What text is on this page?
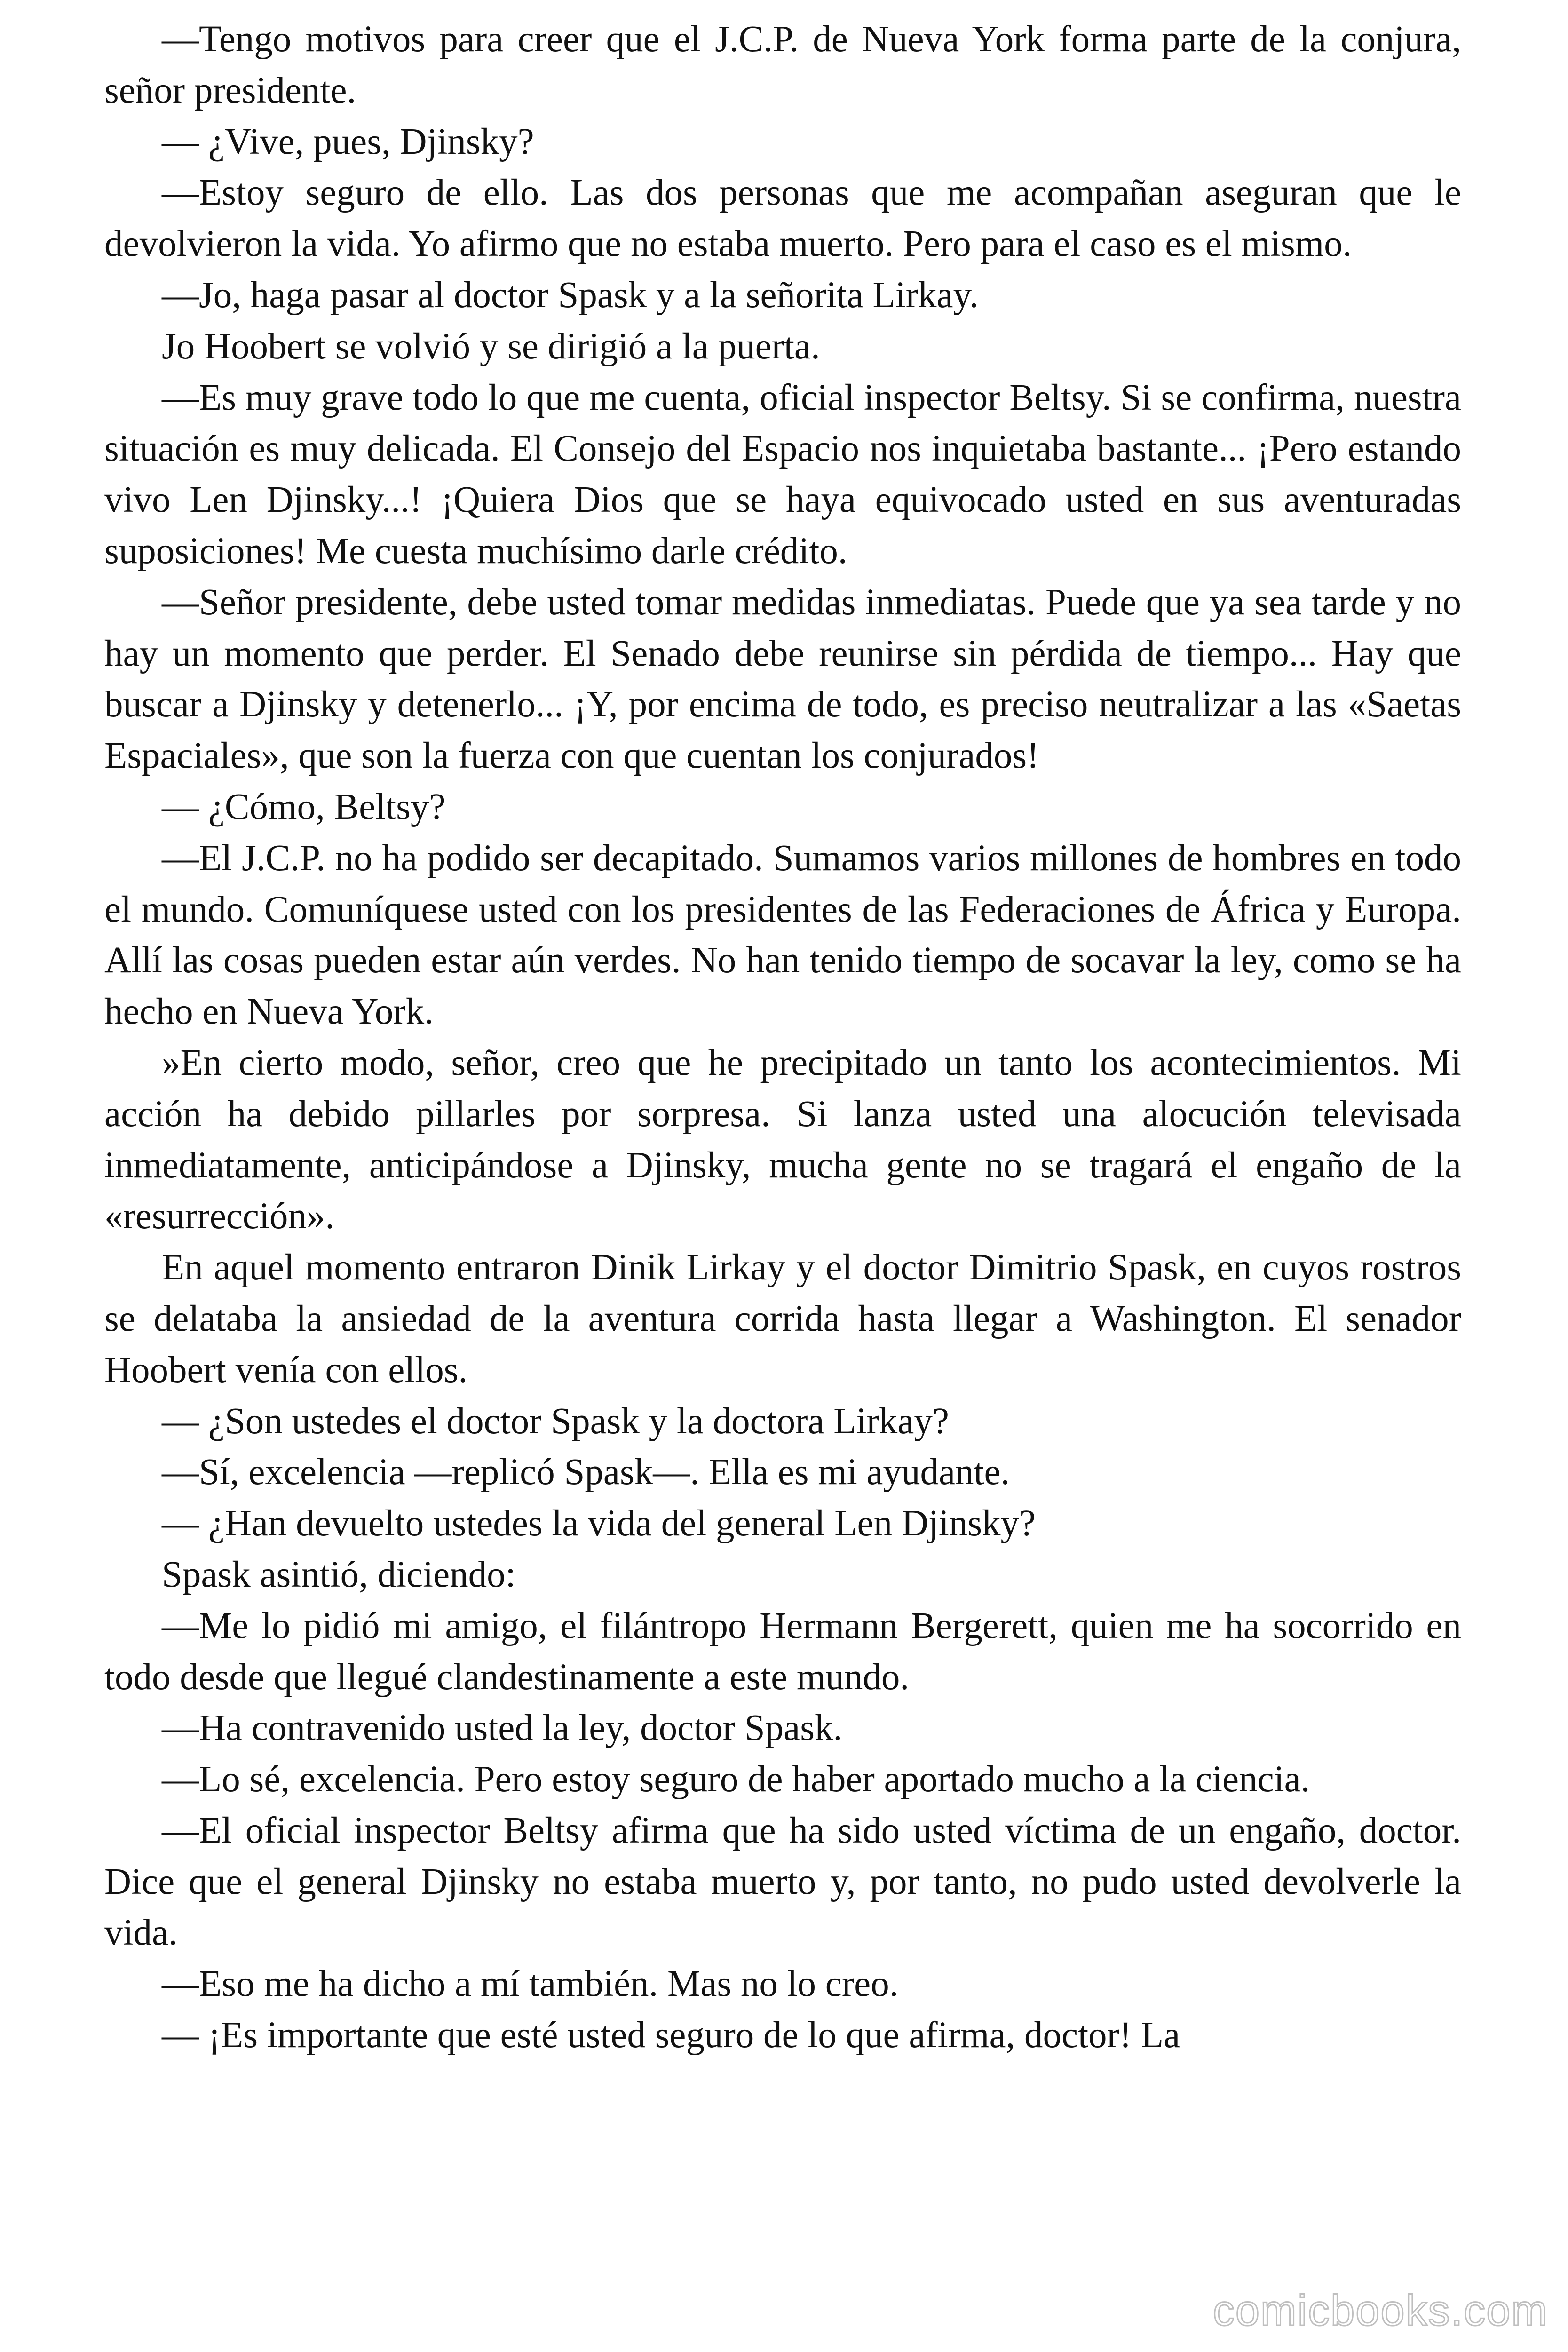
—Tengo motivos para creer que el J.C.P. de Nueva York forma parte de la conjura, señor presidente.

— ¿Vive, pues, Djinsky?

—Estoy seguro de ello. Las dos personas que me acompañan aseguran que le devolvieron la vida. Yo afirmo que no estaba muerto. Pero para el caso es el mismo.

—Jo, haga pasar al doctor Spask y a la señorita Lirkay.

Jo Hoobert se volvió y se dirigió a la puerta.

—Es muy grave todo lo que me cuenta, oficial inspector Beltsy. Si se confirma, nuestra situación es muy delicada. El Consejo del Espacio nos inquietaba bastante... ¡Pero estando vivo Len Djinsky...! ¡Quiera Dios que se haya equivocado usted en sus aventuradas suposiciones! Me cuesta muchísimo darle crédito.

—Señor presidente, debe usted tomar medidas inmediatas. Puede que ya sea tarde y no hay un momento que perder. El Senado debe reunirse sin pérdida de tiempo... Hay que buscar a Djinsky y detenerlo... ¡Y, por encima de todo, es preciso neutralizar a las «Saetas Espaciales», que son la fuerza con que cuentan los conjurados!

— ¿Cómo, Beltsy?

—El J.C.P. no ha podido ser decapitado. Sumamos varios millones de hombres en todo el mundo. Comuníquese usted con los presidentes de las Federaciones de África y Europa. Allí las cosas pueden estar aún verdes. No han tenido tiempo de socavar la ley, como se ha hecho en Nueva York.

»En cierto modo, señor, creo que he precipitado un tanto los acontecimientos. Mi acción ha debido pillarles por sorpresa. Si lanza usted una alocución televisada inmediatamente, anticipándose a Djinsky, mucha gente no se tragará el engaño de la «resurrección».

En aquel momento entraron Dinik Lirkay y el doctor Dimitrio Spask, en cuyos rostros se delataba la ansiedad de la aventura corrida hasta llegar a Washington. El senador Hoobert venía con ellos.

— ¿Son ustedes el doctor Spask y la doctora Lirkay?

—Sí, excelencia —replicó Spask—. Ella es mi ayudante.

— ¿Han devuelto ustedes la vida del general Len Djinsky?

Spask asintió, diciendo:

—Me lo pidió mi amigo, el filántropo Hermann Bergerett, quien me ha socorrido en todo desde que llegué clandestinamente a este mundo.

—Ha contravenido usted la ley, doctor Spask.

—Lo sé, excelencia. Pero estoy seguro de haber aportado mucho a la ciencia.

—El oficial inspector Beltsy afirma que ha sido usted víctima de un engaño, doctor. Dice que el general Djinsky no estaba muerto y, por tanto, no pudo usted devolverle la vida.

—Eso me ha dicho a mí también. Mas no lo creo.

— ¡Es importante que esté usted seguro de lo que afirma, doctor! La

comicbooks.com
